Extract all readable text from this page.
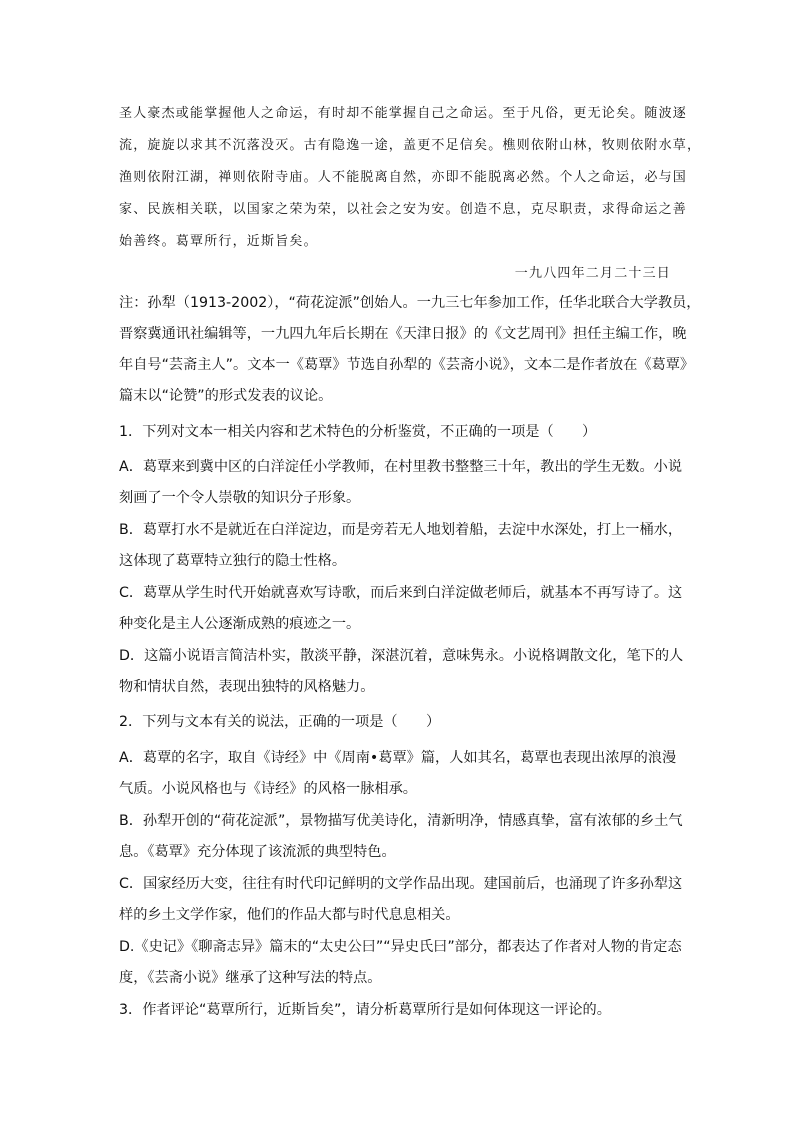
圣人豪杰或能掌握他人之命运，有时却不能掌握自己之命运。至于凡俗，更无论矣。随波逐
流，旋旋以求其不沉落没灭。古有隐逸一途，盖更不足信矣。樵则依附山林，牧则依附水草，
渔则依附江湖，禅则依附寺庙。人不能脱离自然，亦即不能脱离必然。个人之命运，必与国
家、民族相关联，以国家之荣为荣，以社会之安为安。创造不息，克尽职责，求得命运之善
始善终。葛覃所行，近斯旨矣。
一九八四年二月二十三日
注：孙犁（1913-2002），“荷花淀派”创始人。一九三七年参加工作，任华北联合大学教员，
晋察冀通讯社编辑等，一九四九年后长期在《天津日报》的《文艺周刊》担任主编工作，晚
年自号“芸斋主人”。文本一《葛覃》节选自孙犁的《芸斋小说》，文本二是作者放在《葛覃》
篇末以“论赞”的形式发表的议论。
1．下列对文本一相关内容和艺术特色的分析鉴赏，不正确的一项是（　　）
A．葛覃来到冀中区的白洋淀任小学教师，在村里教书整整三十年，教出的学生无数。小说
刻画了一个令人崇敬的知识分子形象。
B．葛覃打水不是就近在白洋淀边，而是旁若无人地划着船，去淀中水深处，打上一桶水，
这体现了葛覃特立独行的隐士性格。
C．葛覃从学生时代开始就喜欢写诗歌，而后来到白洋淀做老师后，就基本不再写诗了。这
种变化是主人公逐渐成熟的痕迹之一。
D．这篇小说语言简洁朴实，散淡平静，深湛沉着，意味隽永。小说格调散文化，笔下的人
物和情状自然，表现出独特的风格魅力。
2．下列与文本有关的说法，正确的一项是（　　）
A．葛覃的名字，取自《诗经》中《周南•葛覃》篇，人如其名，葛覃也表现出浓厚的浪漫
气质。小说风格也与《诗经》的风格一脉相承。
B．孙犁开创的“荷花淀派”，景物描写优美诗化，清新明净，情感真挚，富有浓郁的乡土气
息。《葛覃》充分体现了该流派的典型特色。
C．国家经历大变，往往有时代印记鲜明的文学作品出现。建国前后，也涌现了许多孙犁这
样的乡土文学作家，他们的作品大都与时代息息相关。
D.《史记》《聊斋志异》篇末的“太史公曰”“异史氏曰”部分，都表达了作者对人物的肯定态
度，《芸斋小说》继承了这种写法的特点。
3．作者评论“葛覃所行，近斯旨矣”，请分析葛覃所行是如何体现这一评论的。
